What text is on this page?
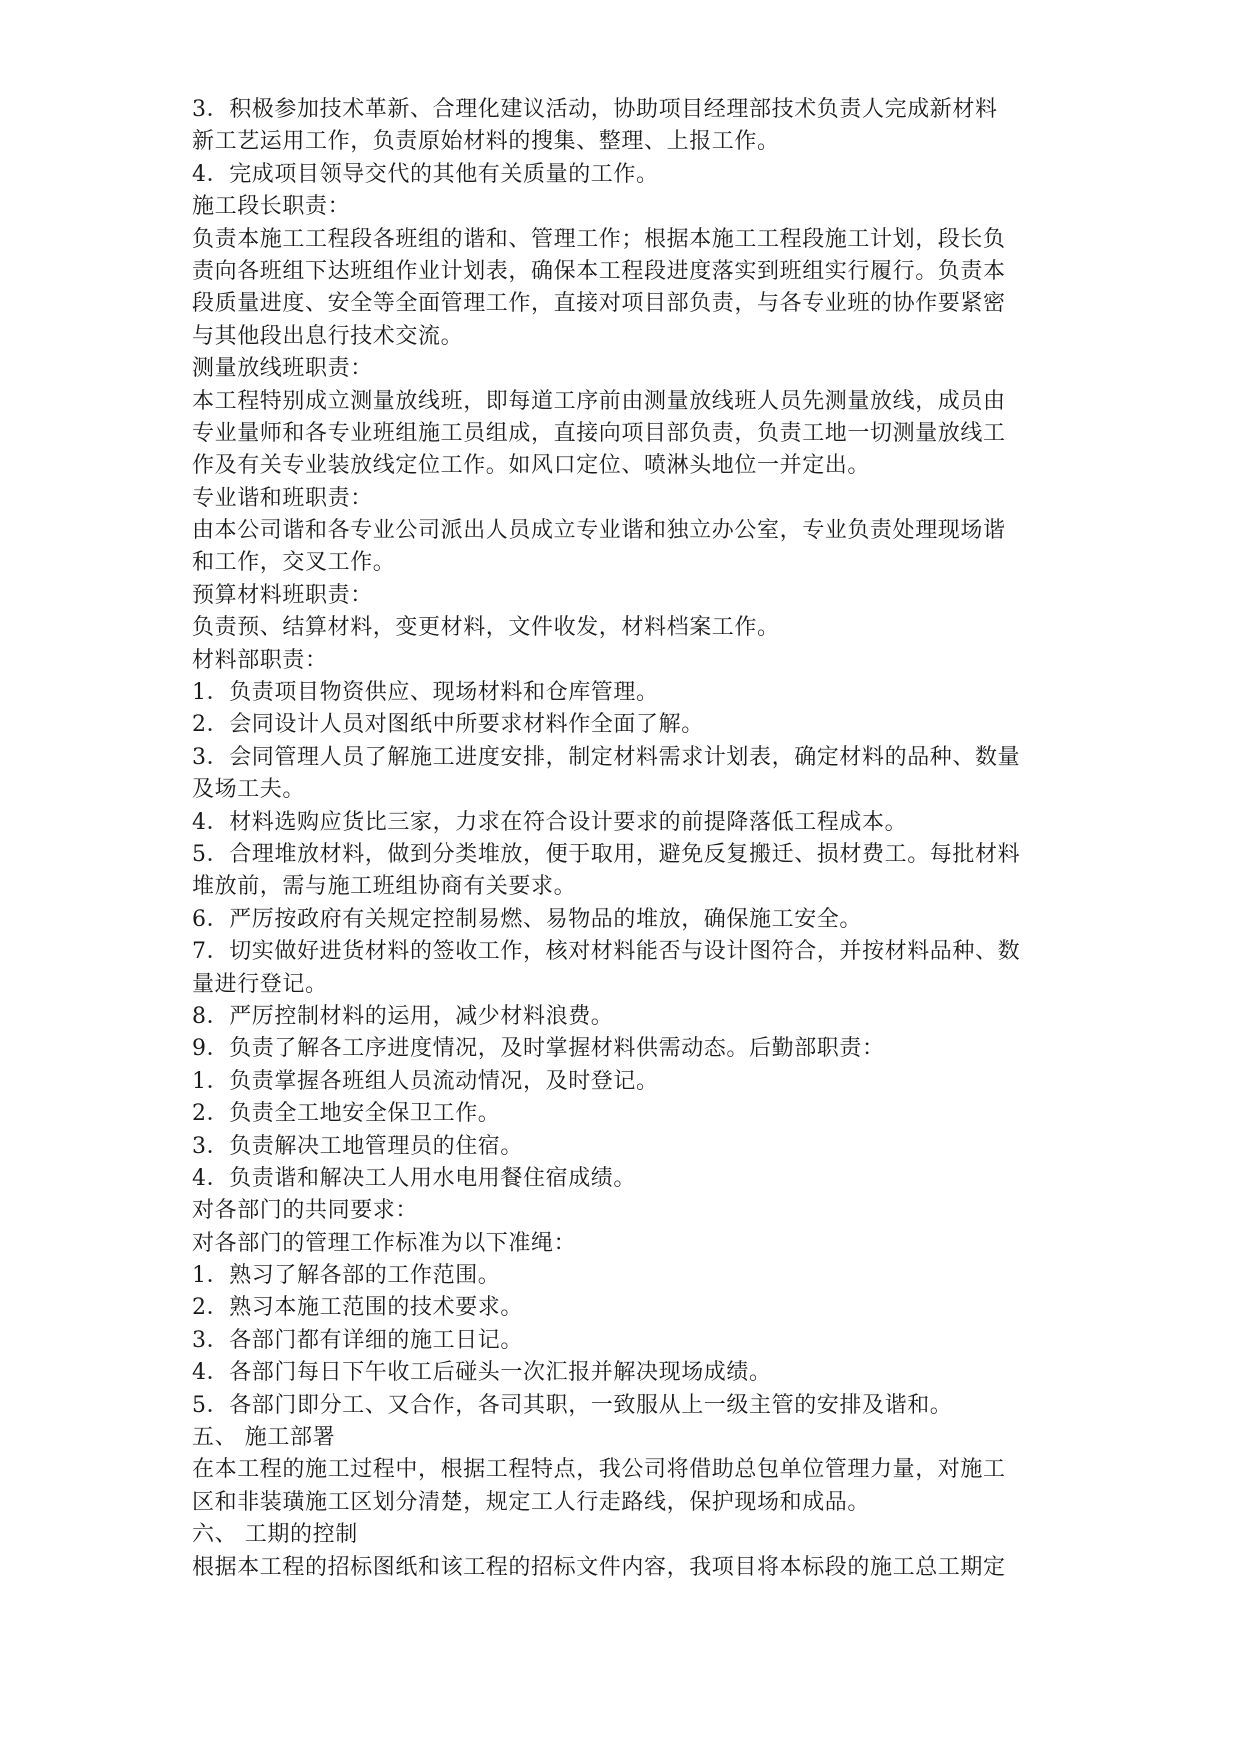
3．积极参加技术革新、合理化建议活动，协助项目经理部技术负责人完成新材料
新工艺运用工作，负责原始材料的搜集、整理、上报工作。
4．完成项目领导交代的其他有关质量的工作。
施工段长职责：
负责本施工工程段各班组的谐和、管理工作；根据本施工工程段施工计划，段长负
责向各班组下达班组作业计划表，确保本工程段进度落实到班组实行履行。负责本
段质量进度、安全等全面管理工作，直接对项目部负责，与各专业班的协作要紧密
与其他段出息行技术交流。
测量放线班职责：
本工程特别成立测量放线班，即每道工序前由测量放线班人员先测量放线，成员由
专业量师和各专业班组施工员组成，直接向项目部负责，负责工地一切测量放线工
作及有关专业装放线定位工作。如风口定位、喷淋头地位一并定出。
专业谐和班职责：
由本公司谐和各专业公司派出人员成立专业谐和独立办公室，专业负责处理现场谐
和工作，交叉工作。
预算材料班职责：
负责预、结算材料，变更材料，文件收发，材料档案工作。
材料部职责：
1．负责项目物资供应、现场材料和仓库管理。
2．会同设计人员对图纸中所要求材料作全面了解。
3．会同管理人员了解施工进度安排，制定材料需求计划表，确定材料的品种、数量
及场工夫。
4．材料选购应货比三家，力求在符合设计要求的前提降落低工程成本。
5．合理堆放材料，做到分类堆放，便于取用，避免反复搬迁、损材费工。每批材料
堆放前，需与施工班组协商有关要求。
6．严厉按政府有关规定控制易燃、易物品的堆放，确保施工安全。
7．切实做好进货材料的签收工作，核对材料能否与设计图符合，并按材料品种、数
量进行登记。
8．严厉控制材料的运用，减少材料浪费。
9．负责了解各工序进度情况，及时掌握材料供需动态。后勤部职责：
1．负责掌握各班组人员流动情况，及时登记。
2．负责全工地安全保卫工作。
3．负责解决工地管理员的住宿。
4．负责谐和解决工人用水电用餐住宿成绩。
对各部门的共同要求：
对各部门的管理工作标准为以下准绳：
1．熟习了解各部的工作范围。
2．熟习本施工范围的技术要求。
3．各部门都有详细的施工日记。
4．各部门每日下午收工后碰头一次汇报并解决现场成绩。
5．各部门即分工、又合作，各司其职，一致服从上一级主管的安排及谐和。
五、 施工部署
在本工程的施工过程中，根据工程特点，我公司将借助总包单位管理力量，对施工
区和非装璜施工区划分清楚，规定工人行走路线，保护现场和成品。
六、 工期的控制
根据本工程的招标图纸和该工程的招标文件内容，我项目将本标段的施工总工期定
